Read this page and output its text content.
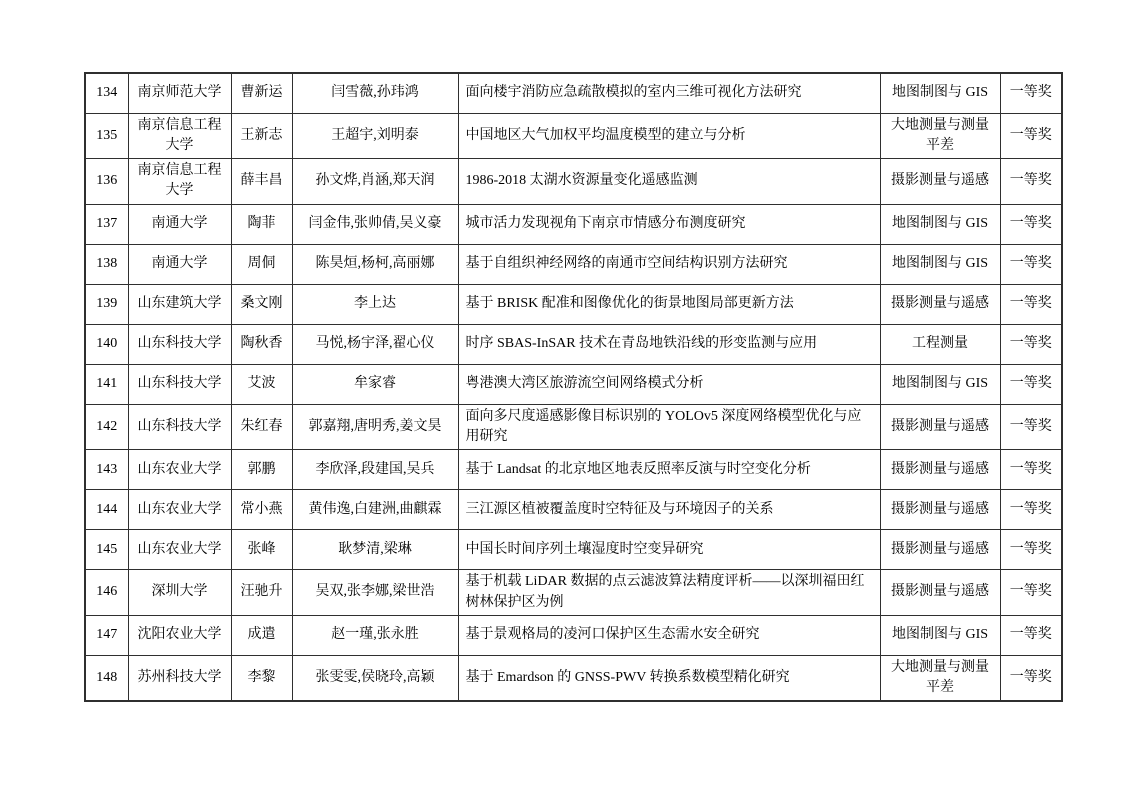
134	南京师范大学	曹新运	闫雪薇,孙玮鸿	面向楼宇消防应急疏散模拟的室内三维可视化方法研究	地图制图与 GIS	一等奖
135	南京信息工程大学	王新志	王超宇,刘明泰	中国地区大气加权平均温度模型的建立与分析	大地测量与测量平差	一等奖
136	南京信息工程大学	薛丰昌	孙文烨,肖涵,郑天润	1986-2018 太湖水资源量变化遥感监测	摄影测量与遥感	一等奖
137	南通大学	陶菲	闫金伟,张帅倩,吴义豪	城市活力发现视角下南京市情感分布测度研究	地图制图与 GIS	一等奖
138	南通大学	周侗	陈昊烜,杨柯,高丽娜	基于自组织神经网络的南通市空间结构识别方法研究	地图制图与 GIS	一等奖
139	山东建筑大学	桑文刚	李上达	基于 BRISK 配准和图像优化的街景地图局部更新方法	摄影测量与遥感	一等奖
140	山东科技大学	陶秋香	马悦,杨宇泽,翟心仪	时序 SBAS-InSAR 技术在青岛地铁沿线的形变监测与应用	工程测量	一等奖
141	山东科技大学	艾波	牟家睿	粤港澳大湾区旅游流空间网络模式分析	地图制图与 GIS	一等奖
142	山东科技大学	朱红春	郭嘉翔,唐明秀,姜文昊	面向多尺度遥感影像目标识别的 YOLOv5 深度网络模型优化与应用研究	摄影测量与遥感	一等奖
143	山东农业大学	郭鹏	李欣泽,段建国,吴兵	基于 Landsat 的北京地区地表反照率反演与时空变化分析	摄影测量与遥感	一等奖
144	山东农业大学	常小燕	黄伟逸,白建洲,曲麒霖	三江源区植被覆盖度时空特征及与环境因子的关系	摄影测量与遥感	一等奖
145	山东农业大学	张峰	耿梦清,梁琳	中国长时间序列土壤湿度时空变异研究	摄影测量与遥感	一等奖
146	深圳大学	汪驰升	吴双,张李娜,梁世浩	基于机载 LiDAR 数据的点云滤波算法精度评析——以深圳福田红树林保护区为例	摄影测量与遥感	一等奖
147	沈阳农业大学	成遣	赵一瑾,张永胜	基于景观格局的凌河口保护区生态需水安全研究	地图制图与 GIS	一等奖
148	苏州科技大学	李黎	张雯雯,侯晓玲,高颖	基于 Emardson 的 GNSS-PWV 转换系数模型精化研究	大地测量与测量平差	一等奖
